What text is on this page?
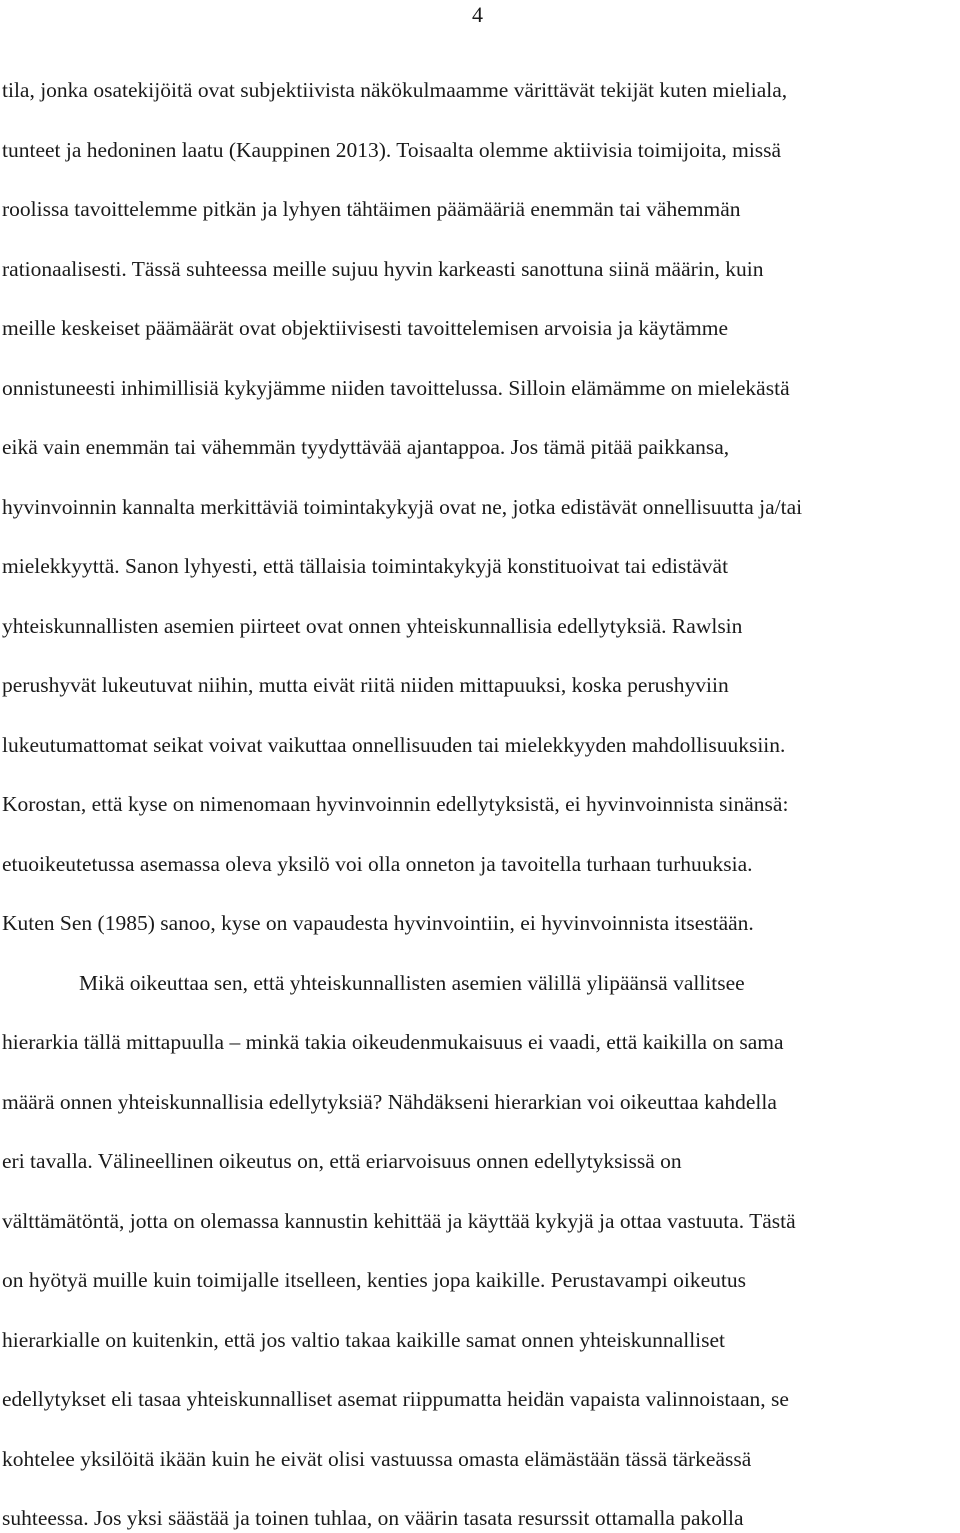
4
tila, jonka osatekijöitä ovat subjektiivista näkökulmaamme värittävät tekijät kuten mieliala,
tunteet ja hedoninen laatu (Kauppinen 2013). Toisaalta olemme aktiivisia toimijoita, missä
roolissa tavoittelemme pitkän ja lyhyen tähtäimen päämääriä enemmän tai vähemmän
rationaalisesti. Tässä suhteessa meille sujuu hyvin karkeasti sanottuna siinä määrin, kuin
meille keskeiset päämäärät ovat objektiivisesti tavoittelemisen arvoisia ja käytämme
onnistuneesti inhimillisiä kykyjämme niiden tavoittelussa. Silloin elämämme on mielekästä
eikä vain enemmän tai vähemmän tyydyttävää ajantappoa. Jos tämä pitää paikkansa,
hyvinvoinnin kannalta merkittäviä toimintakykyjä ovat ne, jotka edistävät onnellisuutta ja/tai
mielekkyyttä. Sanon lyhyesti, että tällaisia toimintakykyjä konstituoivat tai edistävät
yhteiskunnallisten asemien piirteet ovat onnen yhteiskunnallisia edellytyksiä. Rawlsin
perushyvät lukeutuvat niihin, mutta eivät riitä niiden mittapuuksi, koska perushyviin
lukeutumattomat seikat voivat vaikuttaa onnellisuuden tai mielekkyyden mahdollisuuksiin.
Korostan, että kyse on nimenomaan hyvinvoinnin edellytyksistä, ei hyvinvoinnista sinänsä:
etuoikeutetussa asemassa oleva yksilö voi olla onneton ja tavoitella turhaan turhuuksia.
Kuten Sen (1985) sanoo, kyse on vapaudesta hyvinvointiin, ei hyvinvoinnista itsestään.
Mikä oikeuttaa sen, että yhteiskunnallisten asemien välillä ylipäänsä vallitsee
hierarkia tällä mittapuulla – minkä takia oikeudenmukaisuus ei vaadi, että kaikilla on sama
määrä onnen yhteiskunnallisia edellytyksiä? Nähdäkseni hierarkian voi oikeuttaa kahdella
eri tavalla. Välineellinen oikeutus on, että eriarvoisuus onnen edellytyksissä on
välttämätöntä, jotta on olemassa kannustin kehittää ja käyttää kykyjä ja ottaa vastuuta. Tästä
on hyötyä muille kuin toimijalle itselleen, kenties jopa kaikille. Perustavampi oikeutus
hierarkialle on kuitenkin, että jos valtio takaa kaikille samat onnen yhteiskunnalliset
edellytykset eli tasaa yhteiskunnalliset asemat riippumatta heidän vapaista valinnoistaan, se
kohtelee yksilöitä ikään kuin he eivät olisi vastuussa omasta elämästään tässä tärkeässä
suhteessa. Jos yksi säästää ja toinen tuhlaa, on väärin tasata resurssit ottamalla pakolla
